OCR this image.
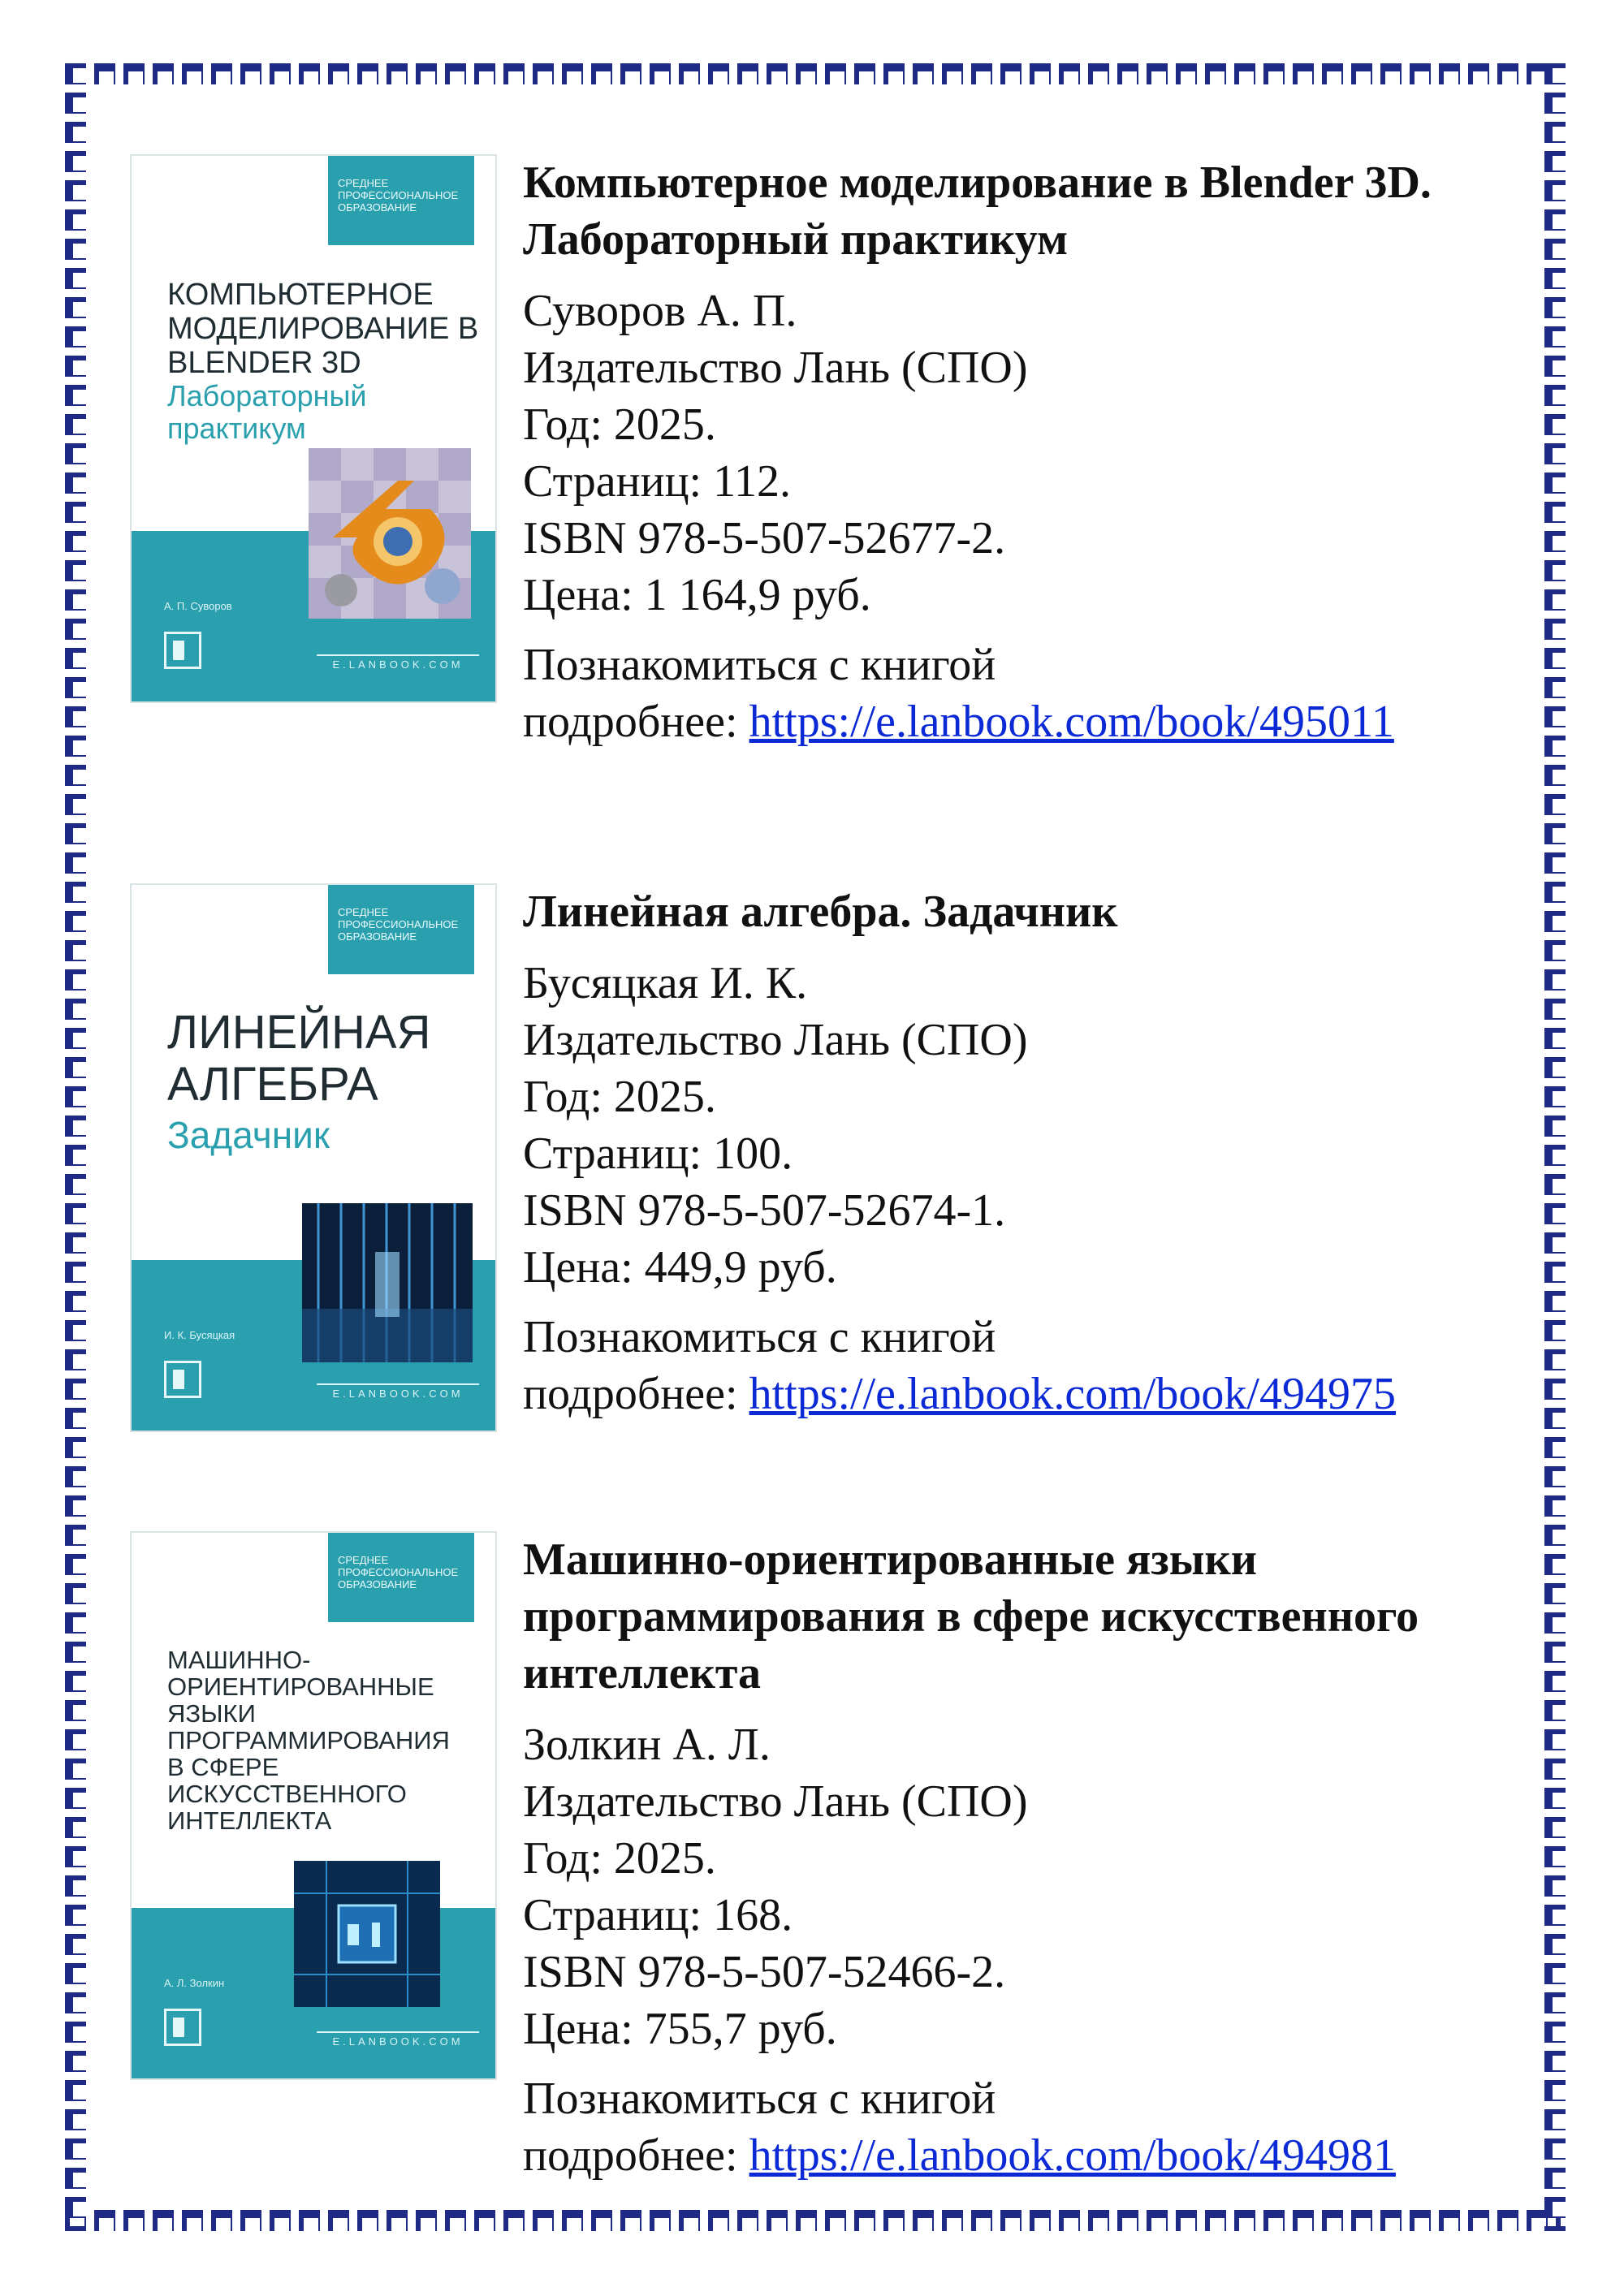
СРЕДНЕЕ ПРОФЕССИОНАЛЬНОЕ ОБРАЗОВАНИЕ
КОМПЬЮТЕРНОЕ МОДЕЛИРОВАНИЕ В BLENDER 3D
Лабораторный практикум
А. П. Суворов
E.LANBOOK.COM

Компьютерное моделирование в Blender 3D. Лабораторный практикум

Суворов А. П.

Издательство Лань (СПО)

Год: 2025.

Страниц: 112.

ISBN 978-5-507-52677-2.

Цена: 1 164,9 руб.

Познакомиться с книгой

подробнее: https://e.lanbook.com/book/495011

СРЕДНЕЕ ПРОФЕССИОНАЛЬНОЕ ОБРАЗОВАНИЕ
ЛИНЕЙНАЯ АЛГЕБРА
Задачник
И. К. Бусяцкая
E.LANBOOK.COM

Линейная алгебра. Задачник

Бусяцкая И. К.

Издательство Лань (СПО)

Год: 2025.

Страниц: 100.

ISBN 978-5-507-52674-1.

Цена: 449,9 руб.

Познакомиться с книгой

подробнее: https://e.lanbook.com/book/494975

СРЕДНЕЕ ПРОФЕССИОНАЛЬНОЕ ОБРАЗОВАНИЕ
МАШИННО-ОРИЕНТИРОВАННЫЕ ЯЗЫКИ ПРОГРАММИРОВАНИЯ В СФЕРЕ ИСКУССТВЕННОГО ИНТЕЛЛЕКТА
А. Л. Золкин
E.LANBOOK.COM

Машинно-ориентированные языки программирования в сфере искусственного интеллекта

Золкин А. Л.

Издательство Лань (СПО)

Год: 2025.

Страниц: 168.

ISBN 978-5-507-52466-2.

Цена: 755,7 руб.

Познакомиться с книгой

подробнее: https://e.lanbook.com/book/494981
